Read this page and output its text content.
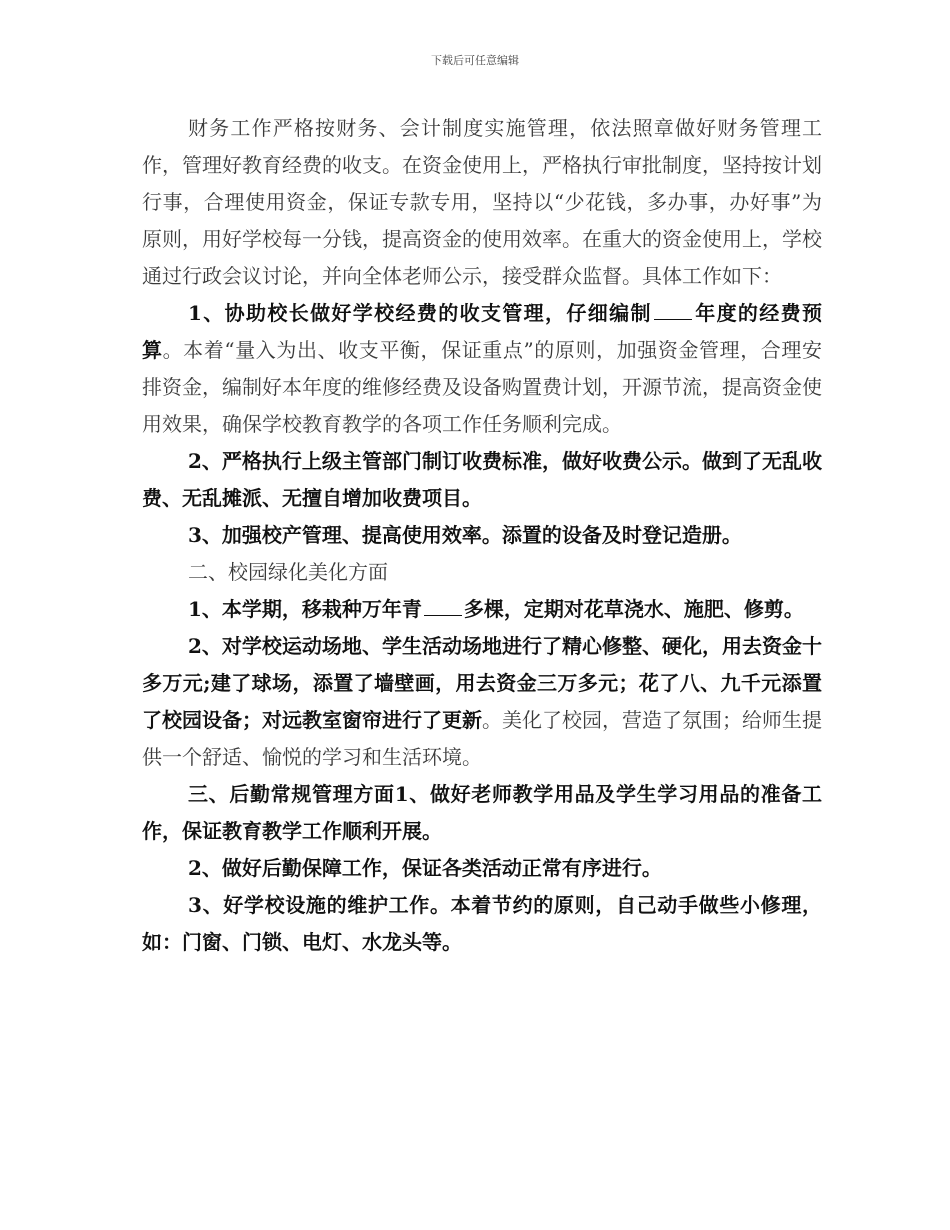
下载后可任意编辑

财务工作严格按财务、会计制度实施管理，依法照章做好财务管理工作，管理好教育经费的收支。在资金使用上，严格执行审批制度，坚持按计划行事，合理使用资金，保证专款专用，坚持以“少花钱，多办事，办好事”为原则，用好学校每一分钱，提高资金的使用效率。在重大的资金使用上，学校通过行政会议讨论，并向全体老师公示，接受群众监督。具体工作如下：

1、协助校长做好学校经费的收支管理，仔细编制 年度的经费预算。本着“量入为出、收支平衡，保证重点”的原则，加强资金管理，合理安排资金，编制好本年度的维修经费及设备购置费计划，开源节流，提高资金使用效果，确保学校教育教学的各项工作任务顺利完成。

2、严格执行上级主管部门制订收费标准，做好收费公示。做到了无乱收费、无乱摊派、无擅自增加收费项目。

3、加强校产管理、提高使用效率。添置的设备及时登记造册。

二、校园绿化美化方面

1、本学期，移栽种万年青 多棵，定期对花草浇水、施肥、修剪。

2、对学校运动场地、学生活动场地进行了精心修整、硬化，用去资金十多万元;建了球场，添置了墙壁画，用去资金三万多元；花了八、九千元添置了校园设备；对远教室窗帘进行了更新。美化了校园，营造了氛围；给师生提供一个舒适、愉悦的学习和生活环境。

三、后勤常规管理方面1、做好老师教学用品及学生学习用品的准备工作，保证教育教学工作顺利开展。

2、做好后勤保障工作，保证各类活动正常有序进行。

3、好学校设施的维护工作。本着节约的原则，自己动手做些小修理，如：门窗、门锁、电灯、水龙头等。
